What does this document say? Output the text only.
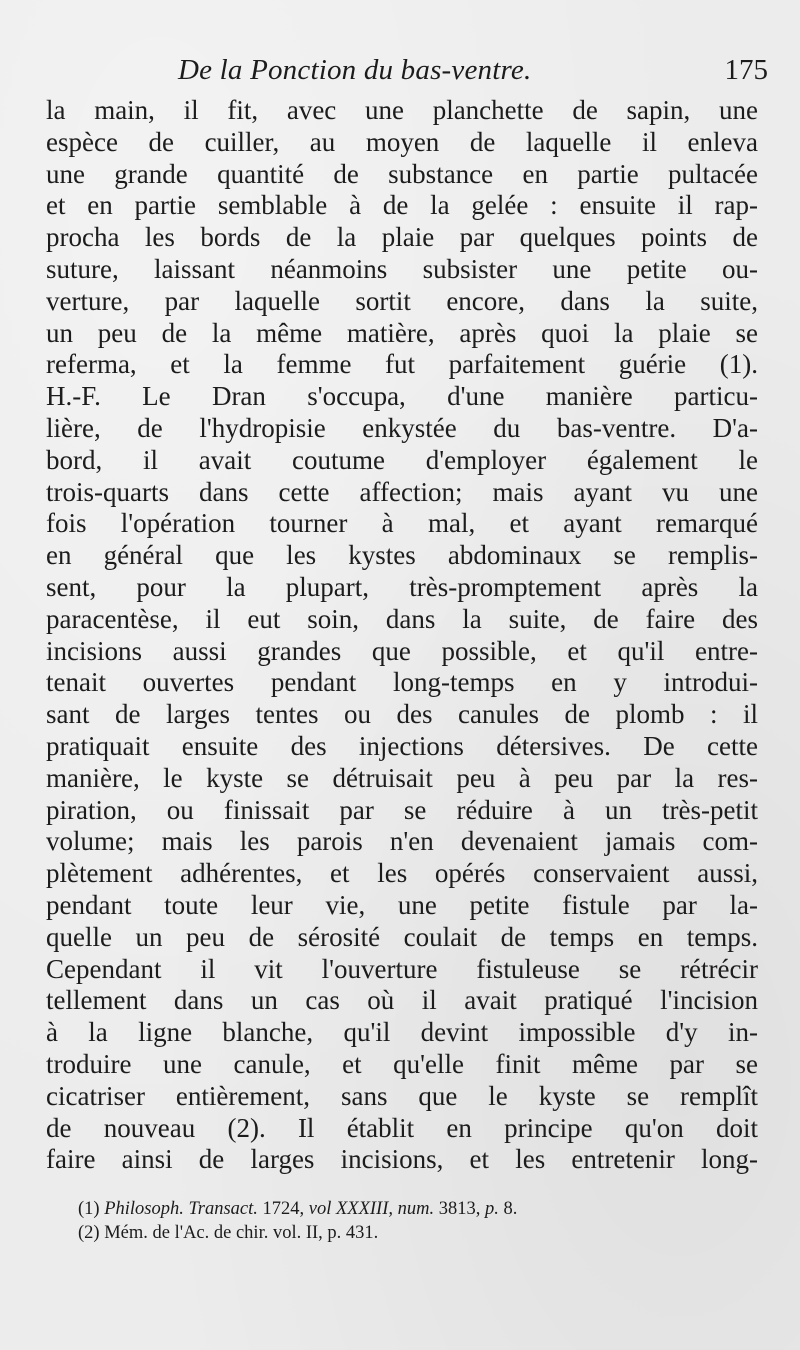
De la Ponction du bas-ventre.	175
la main, il fit, avec une planchette de sapin, une
espèce de cuiller, au moyen de laquelle il enleva
une grande quantité de substance en partie pultacée
et en partie semblable à de la gelée : ensuite il rap-
procha les bords de la plaie par quelques points de
suture, laissant néanmoins subsister une petite ou-
verture, par laquelle sortit encore, dans la suite,
un peu de la même matière, après quoi la plaie se
referma, et la femme fut parfaitement guérie (1).
H.-F. Le Dran s'occupa, d'une manière particu-
lière, de l'hydropisie enkystée du bas-ventre. D'a-
bord, il avait coutume d'employer également le
trois-quarts dans cette affection; mais ayant vu une
fois l'opération tourner à mal, et ayant remarqué
en général que les kystes abdominaux se remplis-
sent, pour la plupart, très-promptement après la
paracentèse, il eut soin, dans la suite, de faire des
incisions aussi grandes que possible, et qu'il entre-
tenait ouvertes pendant long-temps en y introdui-
sant de larges tentes ou des canules de plomb : il
pratiquait ensuite des injections détersives. De cette
manière, le kyste se détruisait peu à peu par la res-
piration, ou finissait par se réduire à un très-petit
volume; mais les parois n'en devenaient jamais com-
plètement adhérentes, et les opérés conservaient aussi,
pendant toute leur vie, une petite fistule par la-
quelle un peu de sérosité coulait de temps en temps.
Cependant il vit l'ouverture fistuleuse se rétrécir
tellement dans un cas où il avait pratiqué l'incision
à la ligne blanche, qu'il devint impossible d'y in-
troduire une canule, et qu'elle finit même par se
cicatriser entièrement, sans que le kyste se remplît
de nouveau (2). Il établit en principe qu'on doit
faire ainsi de larges incisions, et les entretenir long-
(1) Philosoph. Transact. 1724, vol XXXIII, num. 3813, p. 8.
(2) Mém. de l'Ac. de chir. vol. II, p. 431.
